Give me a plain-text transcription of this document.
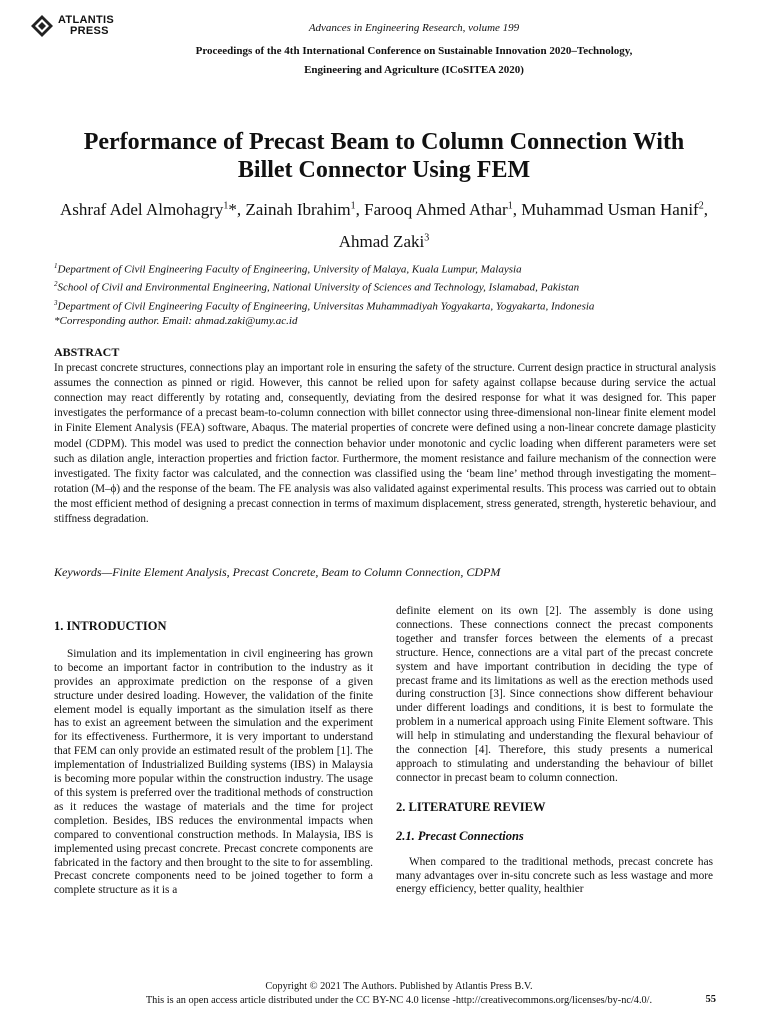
ATLANTIS
PRESS	Advances in Engineering Research, volume 199
Proceedings of the 4th International Conference on Sustainable Innovation 2020–Technology,
Engineering and Agriculture (ICoSITEA 2020)
Performance of Precast Beam to Column Connection With
Billet Connector Using FEM
Ashraf Adel Almohagry$^1$*, Zainah Ibrahim$^1$, Farooq Ahmed Athar$^1$, Muhammad Usman Hanif$^2$, Ahmad Zaki$^3$
$^1$Department of Civil Engineering Faculty of Engineering, University of Malaya, Kuala Lumpur, Malaysia
$^2$School of Civil and Environmental Engineering, National University of Sciences and Technology, Islamabad, Pakistan
$^3$Department of Civil Engineering Faculty of Engineering, Universitas Muhammadiyah Yogyakarta, Yogyakarta, Indonesia
*Corresponding author. Email: ahmad.zaki@umy.ac.id
ABSTRACT

In precast concrete structures, connections play an important role in ensuring the safety of the structure. Current design practice in structural analysis assumes the connection as pinned or rigid. However, this cannot be relied upon for safety against collapse because during service the actual connection may react differently by rotating and, consequently, deviating from the desired response for what it was designed for. This paper investigates the performance of a precast beam-to-column connection with billet connector using three-dimensional non-linear finite element model in Finite Element Analysis (FEA) software, Abaqus. The material properties of concrete were defined using a non-linear concrete damage plasticity model (CDPM). This model was used to predict the connection behavior under monotonic and cyclic loading when different parameters were set such as dilation angle, interaction properties and friction factor. Furthermore, the moment resistance and failure mechanism of the connection were investigated. The fixity factor was calculated, and the connection was classified using the ‘beam line’ method through investigating the moment–rotation (M–ϕ) and the response of the beam. The FE analysis was also validated against experimental results. This process was carried out to obtain the most efficient method of designing a precast connection in terms of maximum displacement, stress generated, strength, hysteretic behaviour, and stiffness degradation.

Keywords—Finite Element Analysis, Precast Concrete, Beam to Column Connection, CDPM
1. INTRODUCTION

Simulation and its implementation in civil engineering has grown to become an important factor in contribution to the industry as it provides an approximate prediction on the response of a given structure under desired loading. However, the validation of the finite element model is equally important as the simulation itself as there has to exist an agreement between the simulation and the experiment for its effectiveness. Furthermore, it is very important to understand that FEM can only provide an estimated result of the problem [1]. The implementation of Industrialized Building systems (IBS) in Malaysia is becoming more popular within the construction industry. The usage of this system is preferred over the traditional methods of construction as it reduces the wastage of materials and the time for project completion. Besides, IBS reduces the environmental impacts when compared to conventional construction methods. In Malaysia, IBS is implemented using precast concrete. Precast concrete components are fabricated in the factory and then brought to the site to for assembling. Precast concrete components need to be joined together to form a complete structure as it is a

definite element on its own [2]. The assembly is done using connections. These connections connect the precast components together and transfer forces between the elements of a precast structure. Hence, connections are a vital part of the precast concrete system and have important contribution in deciding the type of precast frame and its limitations as well as the erection methods used during construction [3]. Since connections show different behaviour under different loadings and conditions, it is best to formulate the problem in a numerical approach using Finite Element software. This will help in stimulating and understanding the flexural behaviour of the connection [4]. Therefore, this study presents a numerical approach to stimulating and understanding the behaviour of billet connector in precast beam to column connection.

2. LITERATURE REVIEW
2.1. Precast Connections

When compared to the traditional methods, precast concrete has many advantages over in-situ concrete such as less wastage and more energy efficiency, better quality, healthier

Copyright © 2021 The Authors. Published by Atlantis Press B.V.
This is an open access article distributed under the CC BY-NC 4.0 license -http://creativecommons.org/licenses/by-nc/4.0/.	55
